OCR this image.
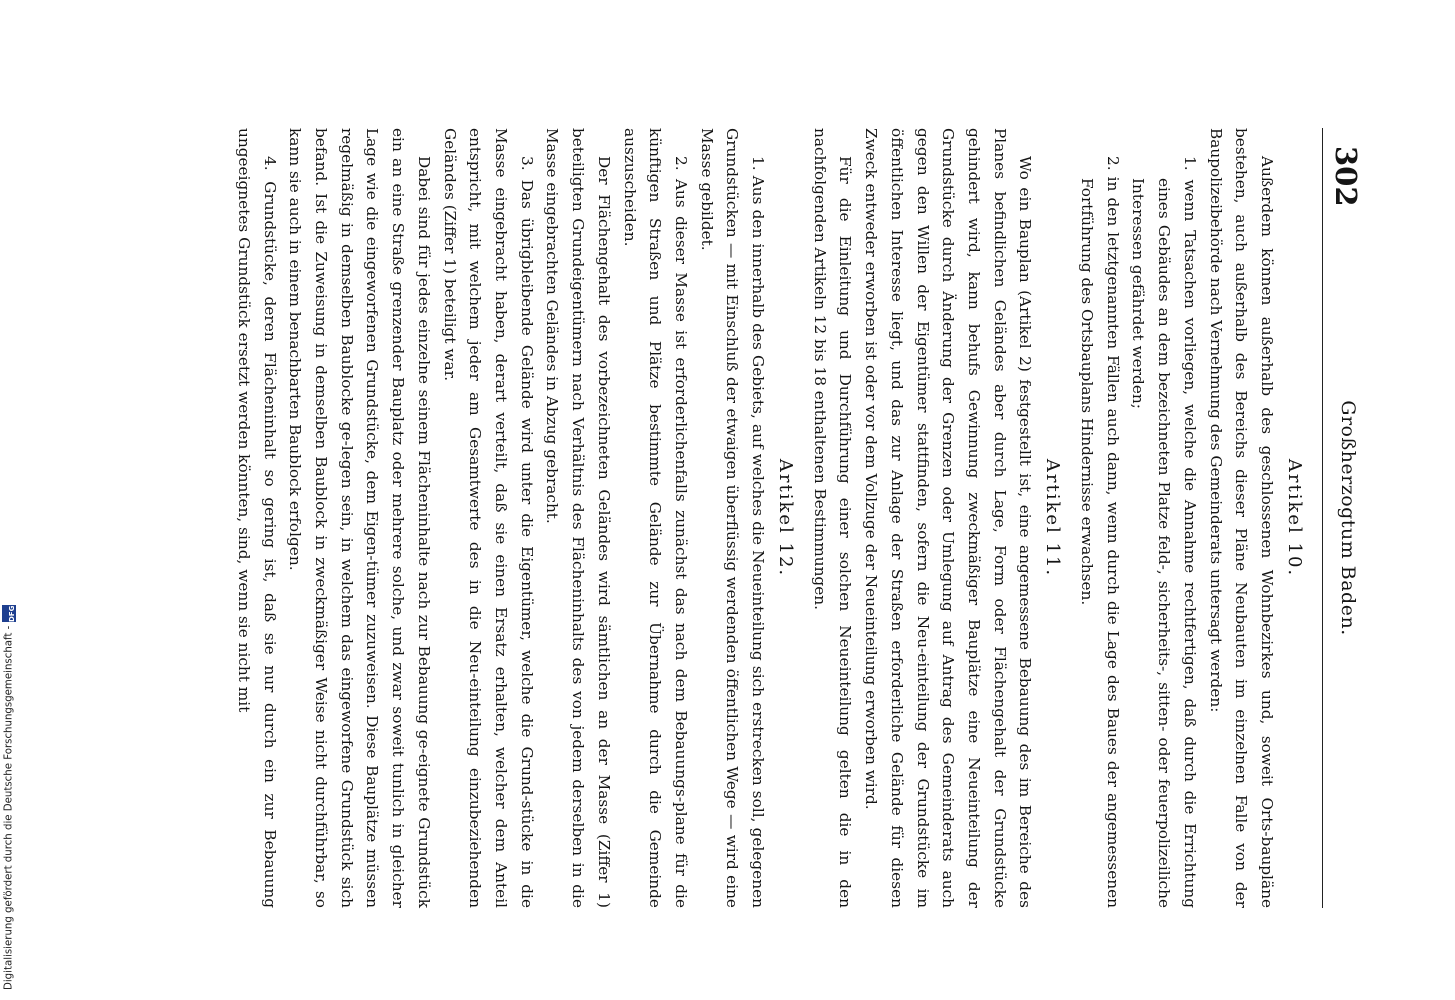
302
Großherzogtum Baden.
Artikel 10.

Außerdem können außerhalb des geschlossenen Wohnbezirkes und, soweit Orts-baupläne bestehen, auch außerhalb des Bereichs dieser Pläne Neubauten im einzelnen Falle von der Baupolizeibehörde nach Vernehmung des Gemeinderats untersagt werden:

1. wenn Tatsachen vorliegen, welche die Annahme rechtfertigen, daß durch die Errichtung eines Gebäudes an dem bezeichneten Platze feld-, sicherheits-, sitten- oder feuerpolizeiliche Interessen gefährdet werden;

2. in den letztgenannten Fällen auch dann, wenn durch die Lage des Baues der angemessenen Fortführung des Ortsbauplans Hindernisse erwachsen.

Artikel 11.

Wo ein Bauplan (Artikel 2) festgestellt ist, eine angemessene Bebauung des im Bereiche des Planes befindlichen Geländes aber durch Lage, Form oder Flächengehalt der Grundstücke gehindert wird, kann behufs Gewinnung zweckmäßiger Bauplätze eine Neueinteilung der Grundstücke durch Änderung der Grenzen oder Umlegung auf Antrag des Gemeinderats auch gegen den Willen der Eigentümer stattfinden, sofern die Neu-einteilung der Grundstücke im öffentlichen Interesse liegt, und das zur Anlage der Straßen erforderliche Gelände für diesen Zweck entweder erworben ist oder vor dem Vollzuge der Neueinteilung erworben wird.

Für die Einleitung und Durchführung einer solchen Neueinteilung gelten die in den nachfolgenden Artikeln 12 bis 18 enthaltenen Bestimmungen.

Artikel 12.

1. Aus den innerhalb des Gebiets, auf welches die Neueinteilung sich erstrecken soll, gelegenen Grundstücken — mit Einschluß der etwaigen überflüssig werdenden öffentlichen Wege — wird eine Masse gebildet.

2. Aus dieser Masse ist erforderlichenfalls zunächst das nach dem Bebauungs-plane für die künftigen Straßen und Plätze bestimmte Gelände zur Übernahme durch die Gemeinde auszuscheiden.

Der Flächengehalt des vorbezeichneten Geländes wird sämtlichen an der Masse (Ziffer 1) beteiligten Grundeigentümern nach Verhältnis des Flächeninhalts des von jedem derselben in die Masse eingebrachten Geländes in Abzug gebracht.

3. Das übrigbleibende Gelände wird unter die Eigentümer, welche die Grund-stücke in die Masse eingebracht haben, derart verteilt, daß sie einen Ersatz erhalten, welcher dem Anteil entspricht, mit welchem jeder am Gesamtwerte des in die Neu-einteilung einzubeziehenden Geländes (Ziffer 1) beteiligt war.

Dabei sind für jedes einzelne seinem Flächeninhalte nach zur Bebauung ge-eignete Grundstück ein an eine Straße grenzender Bauplatz oder mehrere solche, und zwar soweit tunlich in gleicher Lage wie die eingeworfenen Grundstücke, dem Eigen-tümer zuzuweisen. Diese Bauplätze müssen regelmäßig in demselben Baublocke ge-legen sein, in welchem das eingeworfene Grundstück sich befand. Ist die Zuweisung in demselben Baublock in zweckmäßiger Weise nicht durchführbar, so kann sie auch in einem benachbarten Baublock erfolgen.

4. Grundstücke, deren Flächeninhalt so gering ist, daß sie nur durch ein zur Bebauung ungeeignetes Grundstück ersetzt werden könnten, sind, wenn sie nicht mit

Digitalisierung gefördert durch die Deutsche Forschungsgemeinschaft -
DFG
